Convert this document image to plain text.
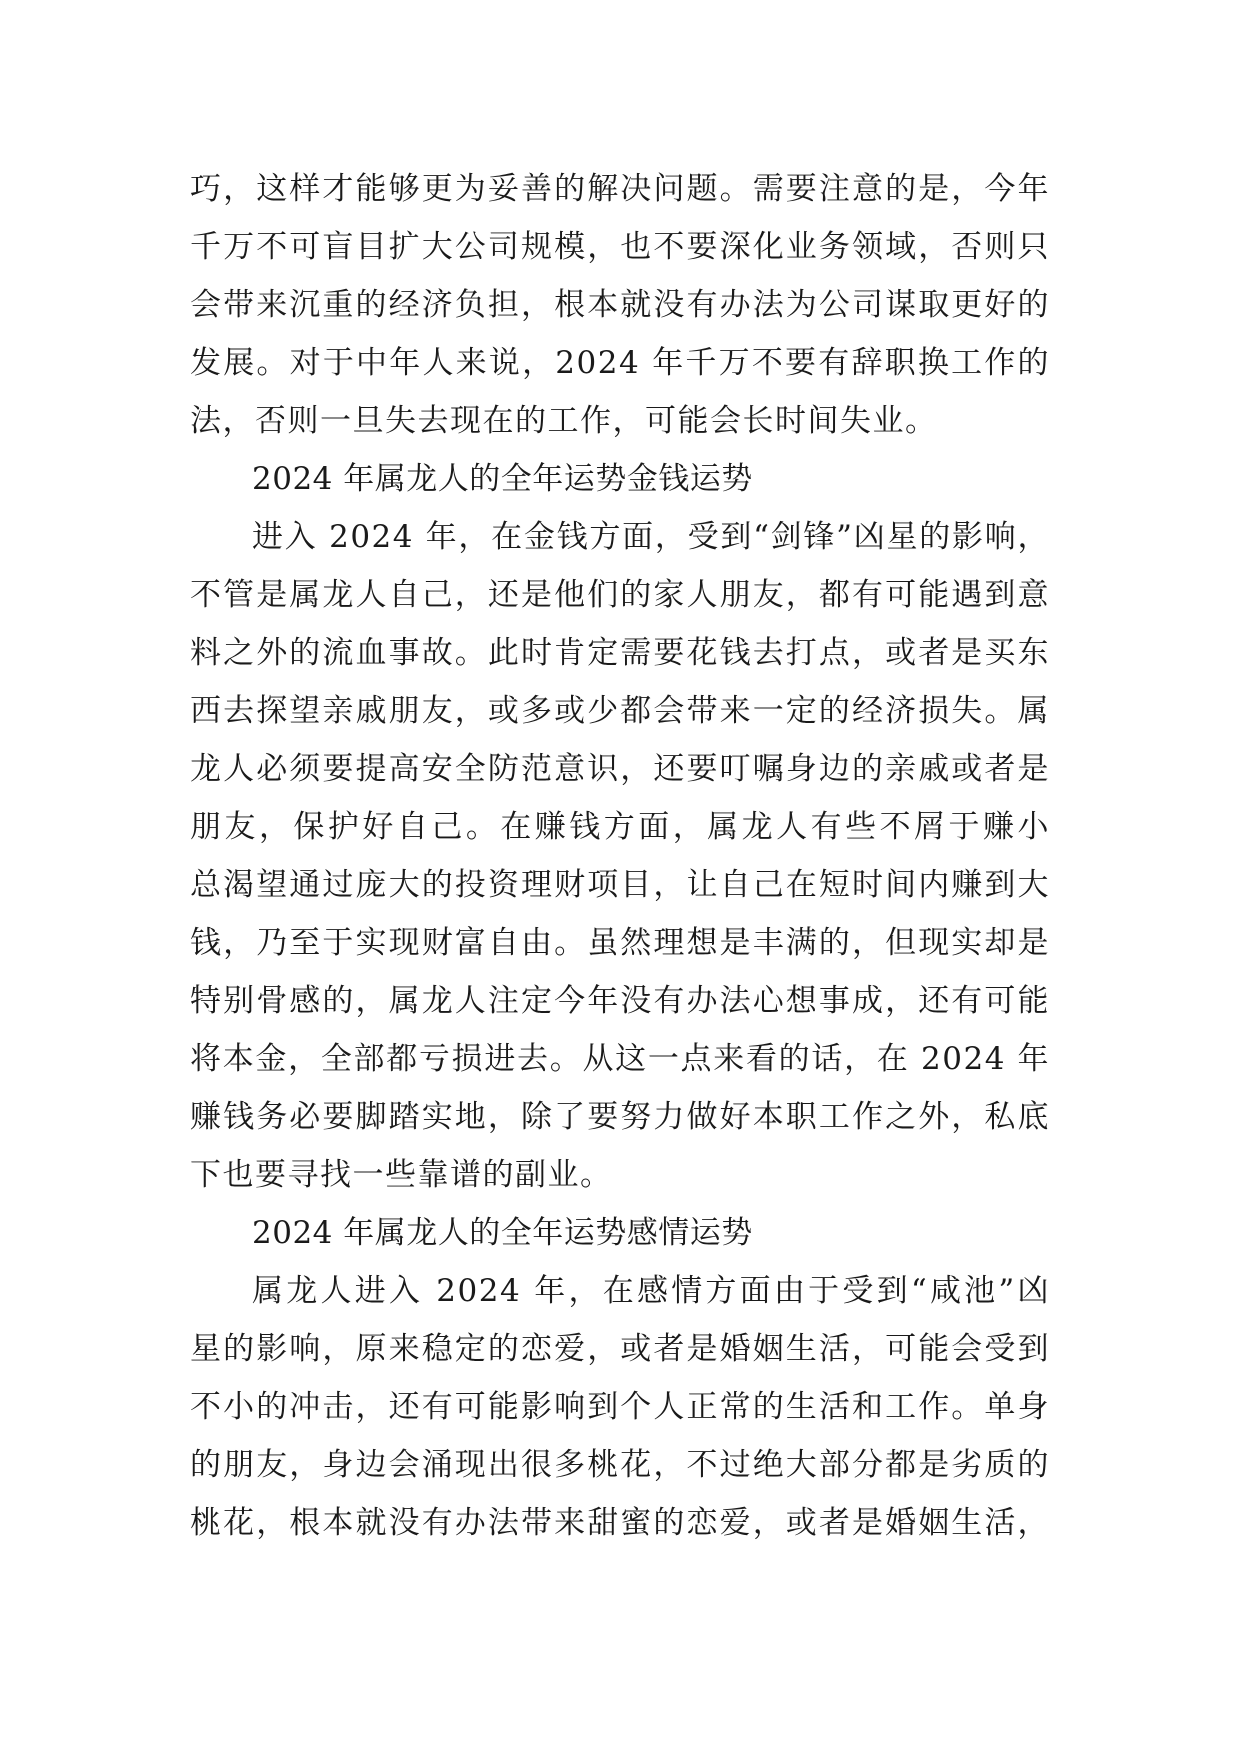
巧，这样才能够更为妥善的解决问题。需要注意的是，今年
千万不可盲目扩大公司规模，也不要深化业务领域，否则只
会带来沉重的经济负担，根本就没有办法为公司谋取更好的
发展。对于中年人来说，2024 年千万不要有辞职换工作的
法，否则一旦失去现在的工作，可能会长时间失业。
2024 年属龙人的全年运势金钱运势
进入 2024 年，在金钱方面，受到“剑锋”凶星的影响，
不管是属龙人自己，还是他们的家人朋友，都有可能遇到意
料之外的流血事故。此时肯定需要花钱去打点，或者是买东
西去探望亲戚朋友，或多或少都会带来一定的经济损失。属
龙人必须要提高安全防范意识，还要叮嘱身边的亲戚或者是
朋友，保护好自己。在赚钱方面，属龙人有些不屑于赚小
总渴望通过庞大的投资理财项目，让自己在短时间内赚到大
钱，乃至于实现财富自由。虽然理想是丰满的，但现实却是
特别骨感的，属龙人注定今年没有办法心想事成，还有可能
将本金，全部都亏损进去。从这一点来看的话，在 2024 年
赚钱务必要脚踏实地，除了要努力做好本职工作之外，私底
下也要寻找一些靠谱的副业。
2024 年属龙人的全年运势感情运势
属龙人进入 2024 年，在感情方面由于受到“咸池”凶
星的影响，原来稳定的恋爱，或者是婚姻生活，可能会受到
不小的冲击，还有可能影响到个人正常的生活和工作。单身
的朋友，身边会涌现出很多桃花，不过绝大部分都是劣质的
桃花，根本就没有办法带来甜蜜的恋爱，或者是婚姻生活，
